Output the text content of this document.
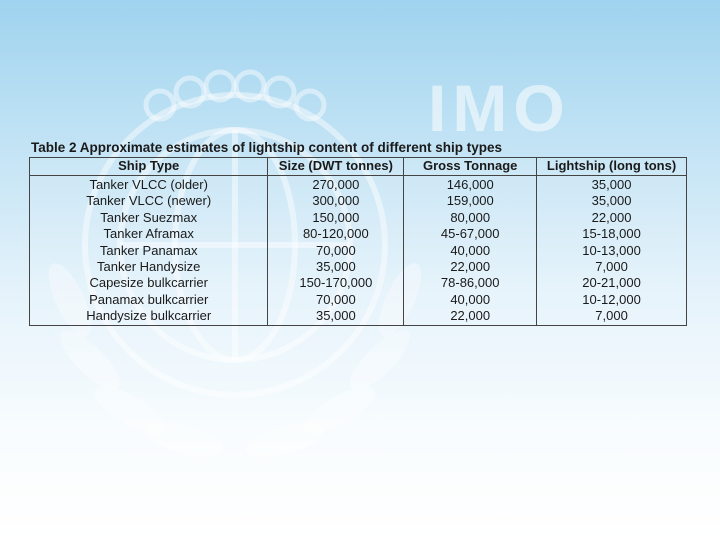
IMO
Table 2 Approximate estimates of lightship content of different ship types
Ship Type	Size (DWT tonnes)	Gross Tonnage	Lightship (long tons)
Tanker VLCC (older)	270,000	146,000	35,000
Tanker VLCC (newer)	300,000	159,000	35,000
Tanker Suezmax	150,000	80,000	22,000
Tanker Aframax	80-120,000	45-67,000	15-18,000
Tanker Panamax	70,000	40,000	10-13,000
Tanker Handysize	35,000	22,000	7,000
Capesize bulkcarrier	150-170,000	78-86,000	20-21,000
Panamax bulkcarrier	70,000	40,000	10-12,000
Handysize bulkcarrier	35,000	22,000	7,000
